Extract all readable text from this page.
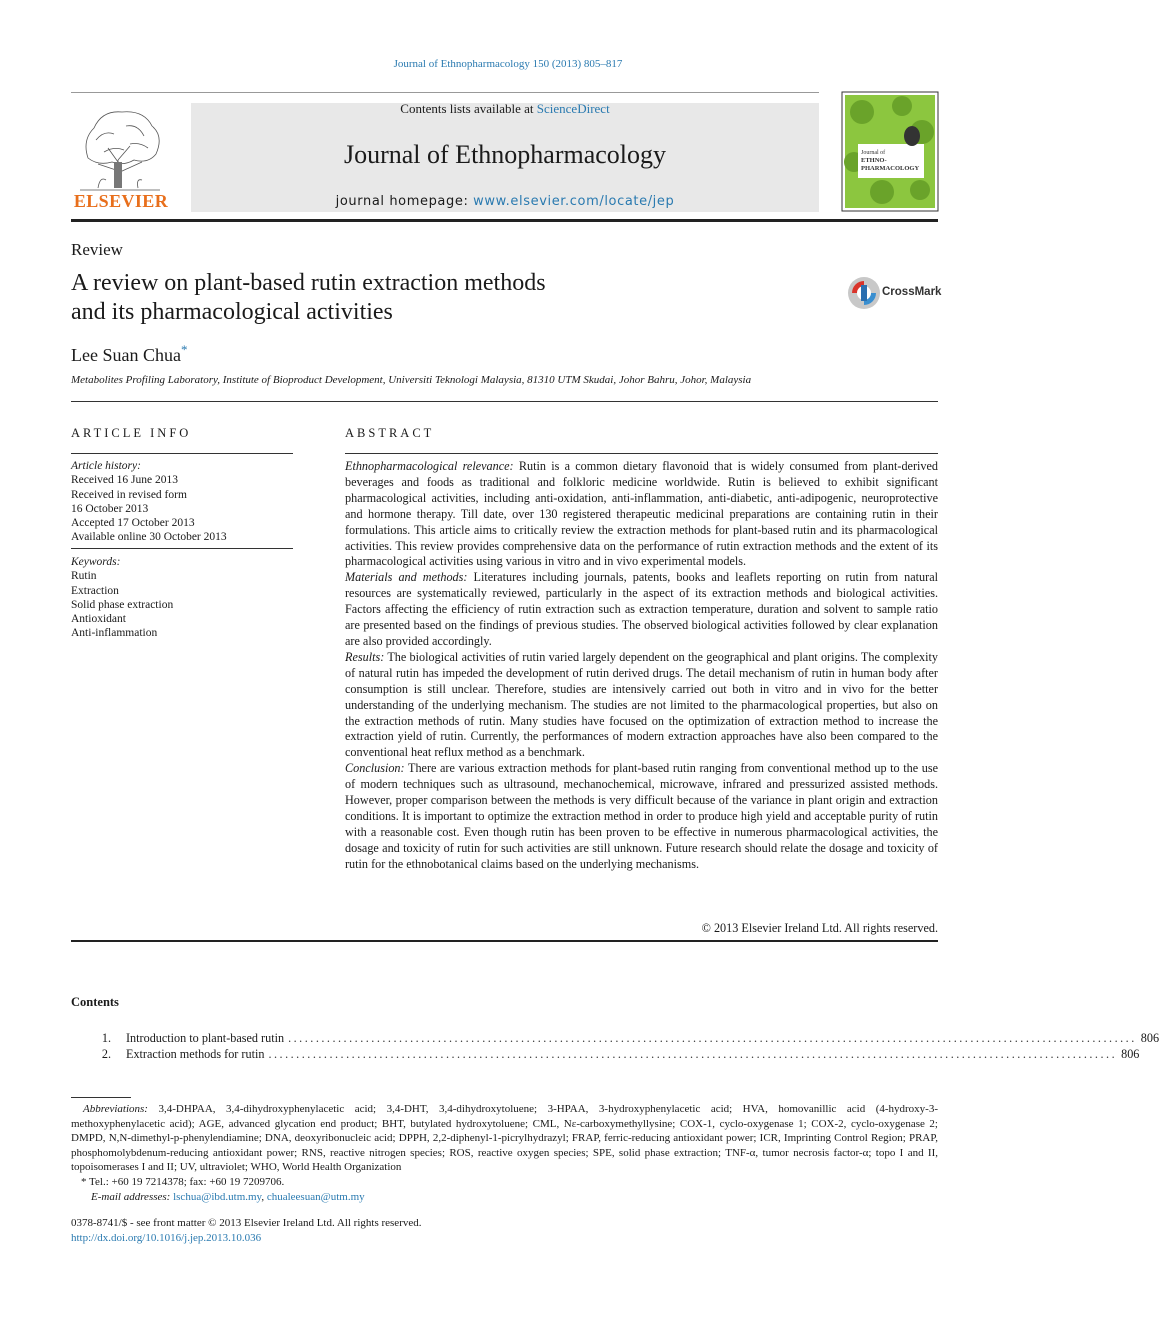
Journal of Ethnopharmacology 150 (2013) 805–817
ELSEVIER
Contents lists available at ScienceDirect
Journal of Ethnopharmacology
journal homepage: www.elsevier.com/locate/jep
Journal of
ETHNO-
PHARMACOLOGY
Review
A review on plant-based rutin extraction methods
and its pharmacological activities
CrossMark
Lee Suan Chua*
Metabolites Profiling Laboratory, Institute of Bioproduct Development, Universiti Teknologi Malaysia, 81310 UTM Skudai, Johor Bahru, Johor, Malaysia
ARTICLE INFO
Article history:
Received 16 June 2013
Received in revised form
16 October 2013
Accepted 17 October 2013
Available online 30 October 2013
Keywords:
Rutin
Extraction
Solid phase extraction
Antioxidant
Anti-inflammation
ABSTRACT

Ethnopharmacological relevance: Rutin is a common dietary flavonoid that is widely consumed from plant-derived beverages and foods as traditional and folkloric medicine worldwide. Rutin is believed to exhibit significant pharmacological activities, including anti-oxidation, anti-inflammation, anti-diabetic, anti-adipogenic, neuroprotective and hormone therapy. Till date, over 130 registered therapeutic medicinal preparations are containing rutin in their formulations. This article aims to critically review the extraction methods for plant-based rutin and its pharmacological activities. This review provides comprehensive data on the performance of rutin extraction methods and the extent of its pharmacological activities using various in vitro and in vivo experimental models.

Materials and methods: Literatures including journals, patents, books and leaflets reporting on rutin from natural resources are systematically reviewed, particularly in the aspect of its extraction methods and biological activities. Factors affecting the efficiency of rutin extraction such as extraction temperature, duration and solvent to sample ratio are presented based on the findings of previous studies. The observed biological activities followed by clear explanation are also provided accordingly.

Results: The biological activities of rutin varied largely dependent on the geographical and plant origins. The complexity of natural rutin has impeded the development of rutin derived drugs. The detail mechanism of rutin in human body after consumption is still unclear. Therefore, studies are intensively carried out both in vitro and in vivo for the better understanding of the underlying mechanism. The studies are not limited to the pharmacological properties, but also on the extraction methods of rutin. Many studies have focused on the optimization of extraction method to increase the extraction yield of rutin. Currently, the performances of modern extraction approaches have also been compared to the conventional heat reflux method as a benchmark.

Conclusion: There are various extraction methods for plant-based rutin ranging from conventional method up to the use of modern techniques such as ultrasound, mechanochemical, microwave, infrared and pressurized assisted methods. However, proper comparison between the methods is very difficult because of the variance in plant origin and extraction conditions. It is important to optimize the extraction method in order to produce high yield and acceptable purity of rutin with a reasonable cost. Even though rutin has been proven to be effective in numerous pharmacological activities, the dosage and toxicity of rutin for such activities are still unknown. Future research should relate the dosage and toxicity of rutin for the ethnobotanical claims based on the underlying mechanisms.

© 2013 Elsevier Ireland Ltd. All rights reserved.
Contents
1. Introduction to plant-based rutin ......................................................................................................................................................... 806
2. Extraction methods for rutin ......................................................................................................................................................... 806

Abbreviations: 3,4-DHPAA, 3,4-dihydroxyphenylacetic acid; 3,4-DHT, 3,4-dihydroxytoluene; 3-HPAA, 3-hydroxyphenylacetic acid; HVA, homovanillic acid (4-hydroxy-3-methoxyphenylacetic acid); AGE, advanced glycation end product; BHT, butylated hydroxytoluene; CML, Nε-carboxymethyllysine; COX-1, cyclo-oxygenase 1; COX-2, cyclo-oxygenase 2; DMPD, N,N-dimethyl-p-phenylendiamine; DNA, deoxyribonucleic acid; DPPH, 2,2-diphenyl-1-picrylhydrazyl; FRAP, ferric-reducing antioxidant power; ICR, Imprinting Control Region; PRAP, phosphomolybdenum-reducing antioxidant power; RNS, reactive nitrogen species; ROS, reactive oxygen species; SPE, solid phase extraction; TNF-α, tumor necrosis factor-α; topo I and II, topoisomerases I and II; UV, ultraviolet; WHO, World Health Organization

* Tel.: +60 19 7214378; fax: +60 19 7209706.

E-mail addresses: lschua@ibd.utm.my, chualeesuan@utm.my

0378-8741/$ - see front matter © 2013 Elsevier Ireland Ltd. All rights reserved.
http://dx.doi.org/10.1016/j.jep.2013.10.036
